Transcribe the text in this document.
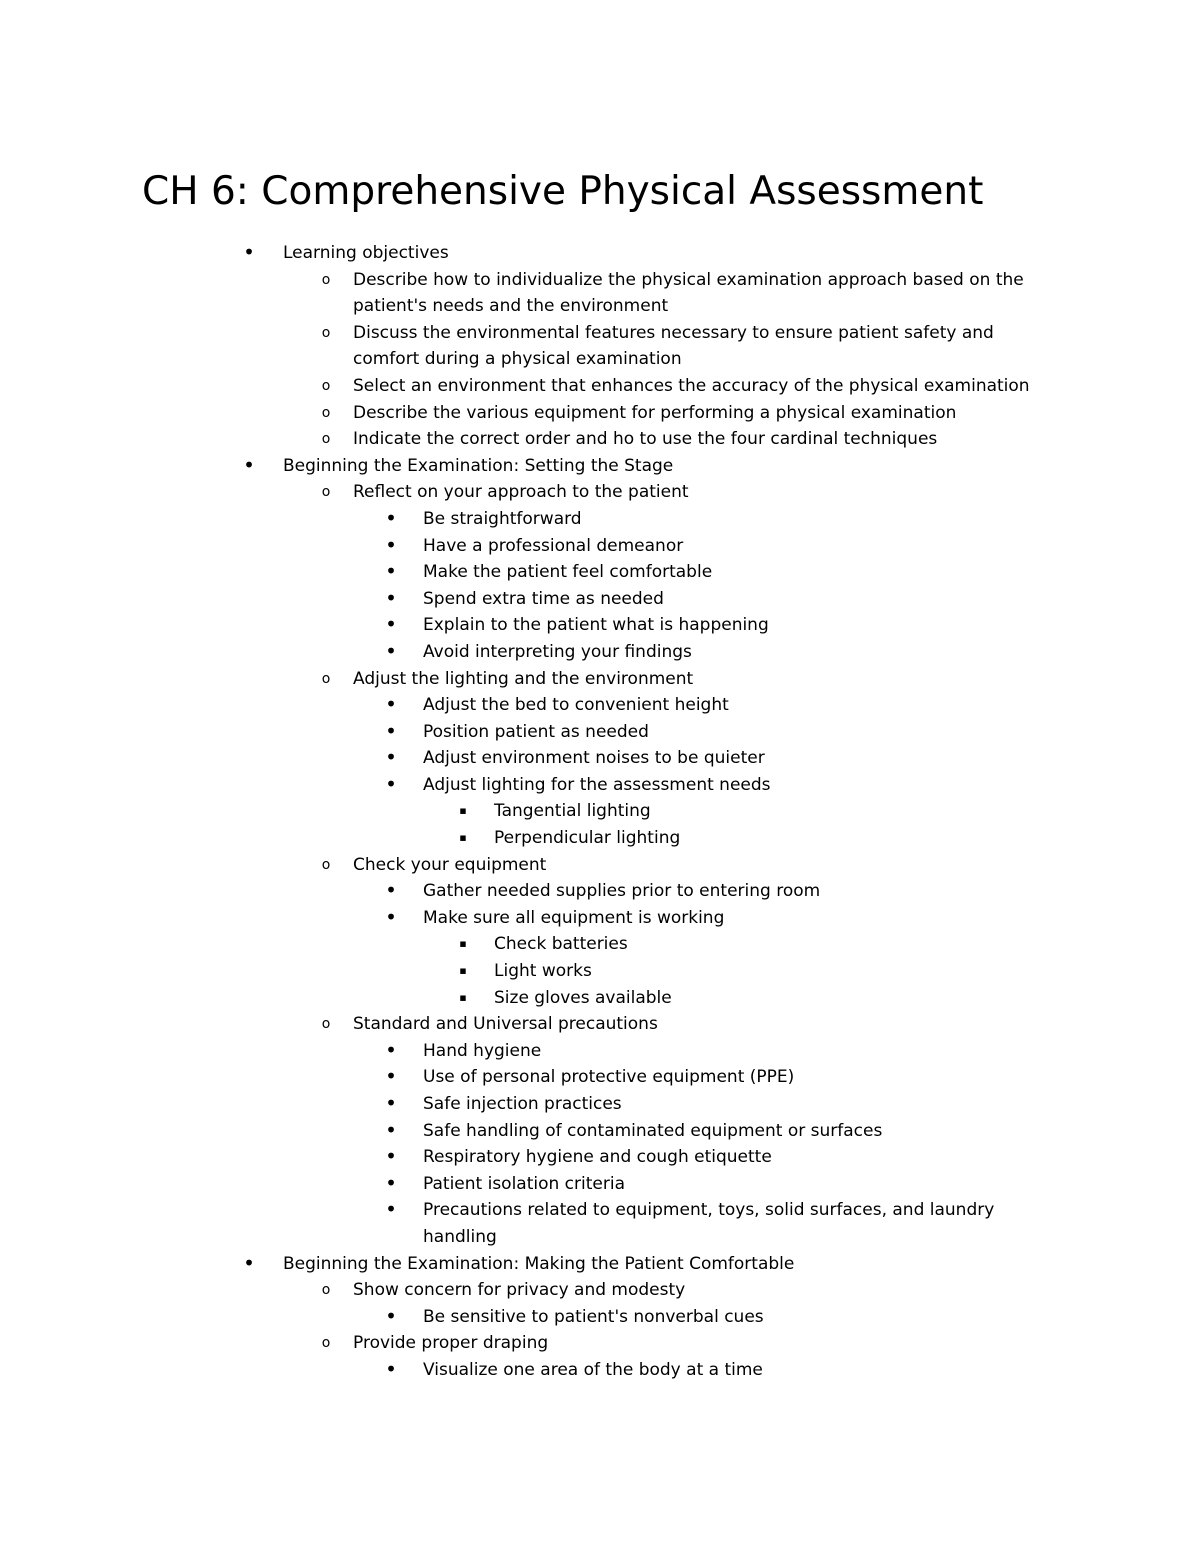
CH 6: Comprehensive Physical Assessment
• Learning objectives
o Describe how to individualize the physical examination approach based on the patient's needs and the environment
o Discuss the environmental features necessary to ensure patient safety and comfort during a physical examination
o Select an environment that enhances the accuracy of the physical examination
o Describe the various equipment for performing a physical examination
o Indicate the correct order and ho to use the four cardinal techniques
• Beginning the Examination: Setting the Stage
o Reflect on your approach to the patient
• Be straightforward
• Have a professional demeanor
• Make the patient feel comfortable
• Spend extra time as needed
• Explain to the patient what is happening
• Avoid interpreting your findings
o Adjust the lighting and the environment
• Adjust the bed to convenient height
• Position patient as needed
• Adjust environment noises to be quieter
• Adjust lighting for the assessment needs
▪ Tangential lighting
▪ Perpendicular lighting
o Check your equipment
• Gather needed supplies prior to entering room
• Make sure all equipment is working
▪ Check batteries
▪ Light works
▪ Size gloves available
o Standard and Universal precautions
• Hand hygiene
• Use of personal protective equipment (PPE)
• Safe injection practices
• Safe handling of contaminated equipment or surfaces
• Respiratory hygiene and cough etiquette
• Patient isolation criteria
• Precautions related to equipment, toys, solid surfaces, and laundry handling
• Beginning the Examination: Making the Patient Comfortable
o Show concern for privacy and modesty
• Be sensitive to patient's nonverbal cues
o Provide proper draping
• Visualize one area of the body at a time
